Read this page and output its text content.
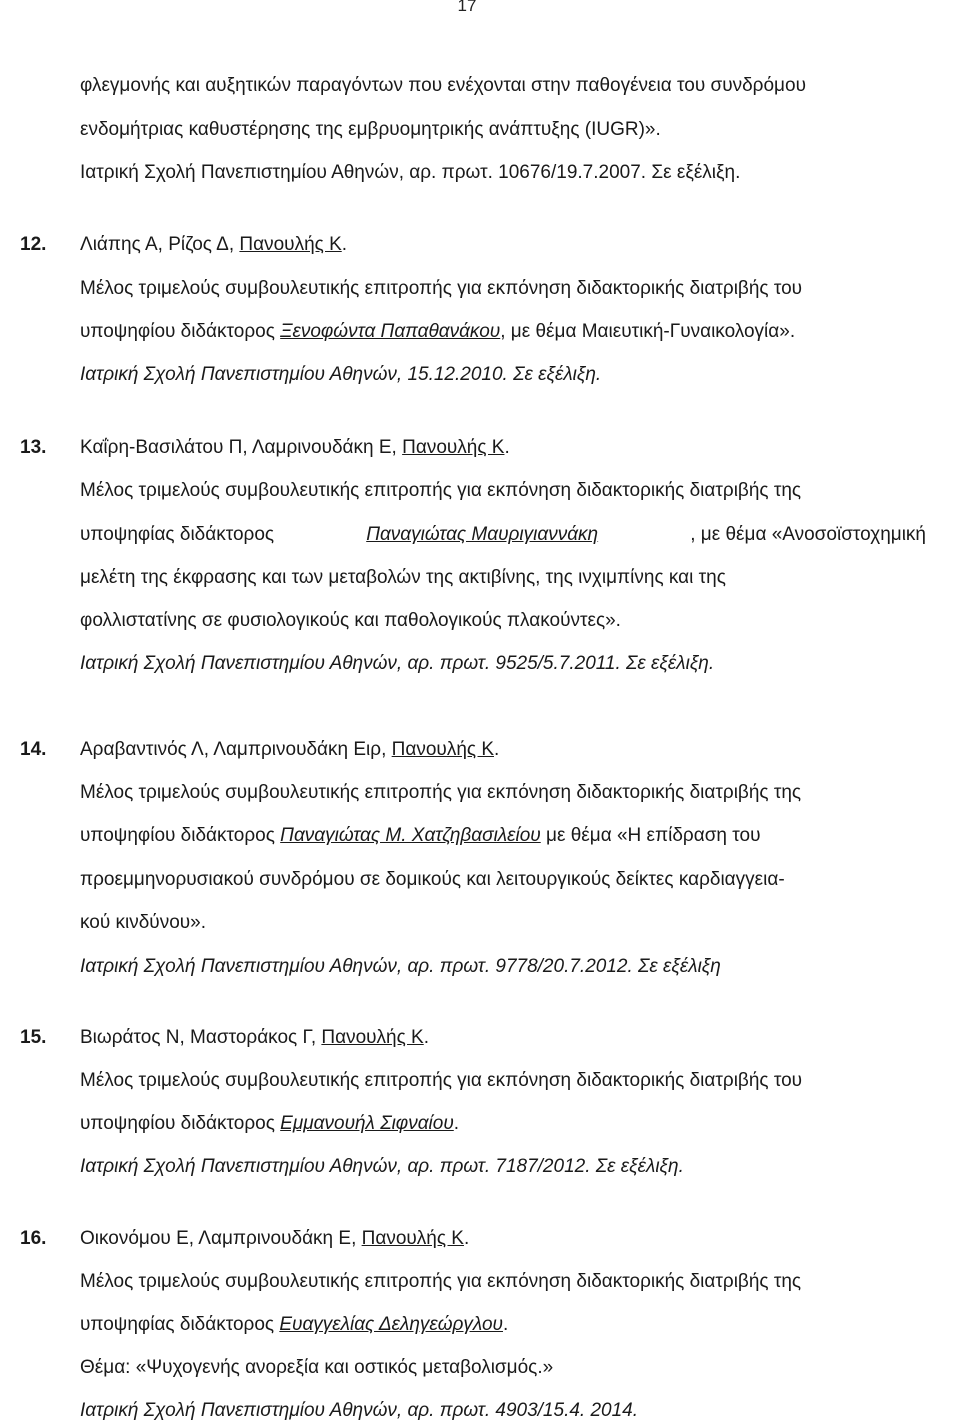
17
φλεγμονής και αυξητικών παραγόντων που ενέχονται στην παθογένεια του συνδρόμου
ενδομήτριας καθυστέρησης της εμβρυομητρικής ανάπτυξης (IUGR)».
Ιατρική Σχολή Πανεπιστημίου Αθηνών, αρ. πρωτ. 10676/19.7.2007. Σε εξέλιξη.
12. Λιάπης Α, Ρίζος Δ, Πανουλής Κ.
Μέλος τριμελούς συμβουλευτικής επιτροπής για εκπόνηση διδακτορικής διατριβής του
υποψηφίου διδάκτορος Ξενοφώντα Παπαθανάκου, με θέμα Μαιευτική-Γυναικολογία».
Ιατρική Σχολή Πανεπιστημίου Αθηνών, 15.12.2010. Σε εξέλιξη.
13. Καΐρη-Βασιλάτου Π, Λαμρινουδάκη Ε, Πανουλής Κ.
Μέλος τριμελούς συμβουλευτικής επιτροπής για εκπόνηση διδακτορικής διατριβής της
υποψηφίας διδάκτορος	Παναγιώτας Μαυριγιαννάκη	, με θέμα «Ανοσοϊστοχημική
μελέτη της έκφρασης και των μεταβολών της ακτιβίνης, της ινχιμπίνης και της
φολλιστατίνης σε φυσιολογικούς και παθολογικούς πλακούντες».
Ιατρική Σχολή Πανεπιστημίου Αθηνών, αρ. πρωτ. 9525/5.7.2011. Σε εξέλιξη.
14. Αραβαντινός Λ, Λαμπρινουδάκη Ειρ, Πανουλής Κ.
Μέλος τριμελούς συμβουλευτικής επιτροπής για εκπόνηση διδακτορικής διατριβής της
υποψηφίου διδάκτορος Παναγιώτας Μ. Χατζηβασιλείου με θέμα «Η επίδραση του
προεμμηνορυσιακού συνδρόμου σε δομικούς και λειτουργικούς δείκτες καρδιαγγεια-
κού κινδύνου».
Ιατρική Σχολή Πανεπιστημίου Αθηνών, αρ. πρωτ. 9778/20.7.2012. Σε εξέλιξη
15. Βιωράτος Ν, Μαστοράκος Γ, Πανουλής Κ.
Μέλος τριμελούς συμβουλευτικής επιτροπής για εκπόνηση διδακτορικής διατριβής του
υποψηφίου διδάκτορος Εμμανουήλ Σιφναίου.
Ιατρική Σχολή Πανεπιστημίου Αθηνών, αρ. πρωτ. 7187/2012. Σε εξέλιξη.
16. Οικονόμου Ε, Λαμπρινουδάκη Ε, Πανουλής Κ.
Μέλος τριμελούς συμβουλευτικής επιτροπής για εκπόνηση διδακτορικής διατριβής της
υποψηφίας διδάκτορος Ευαγγελίας Δεληγεώργλου.
Θέμα: «Ψυχογενής ανορεξία και οστικός μεταβολισμός.»
Ιατρική Σχολή Πανεπιστημίου Αθηνών, αρ. πρωτ. 4903/15.4. 2014.
